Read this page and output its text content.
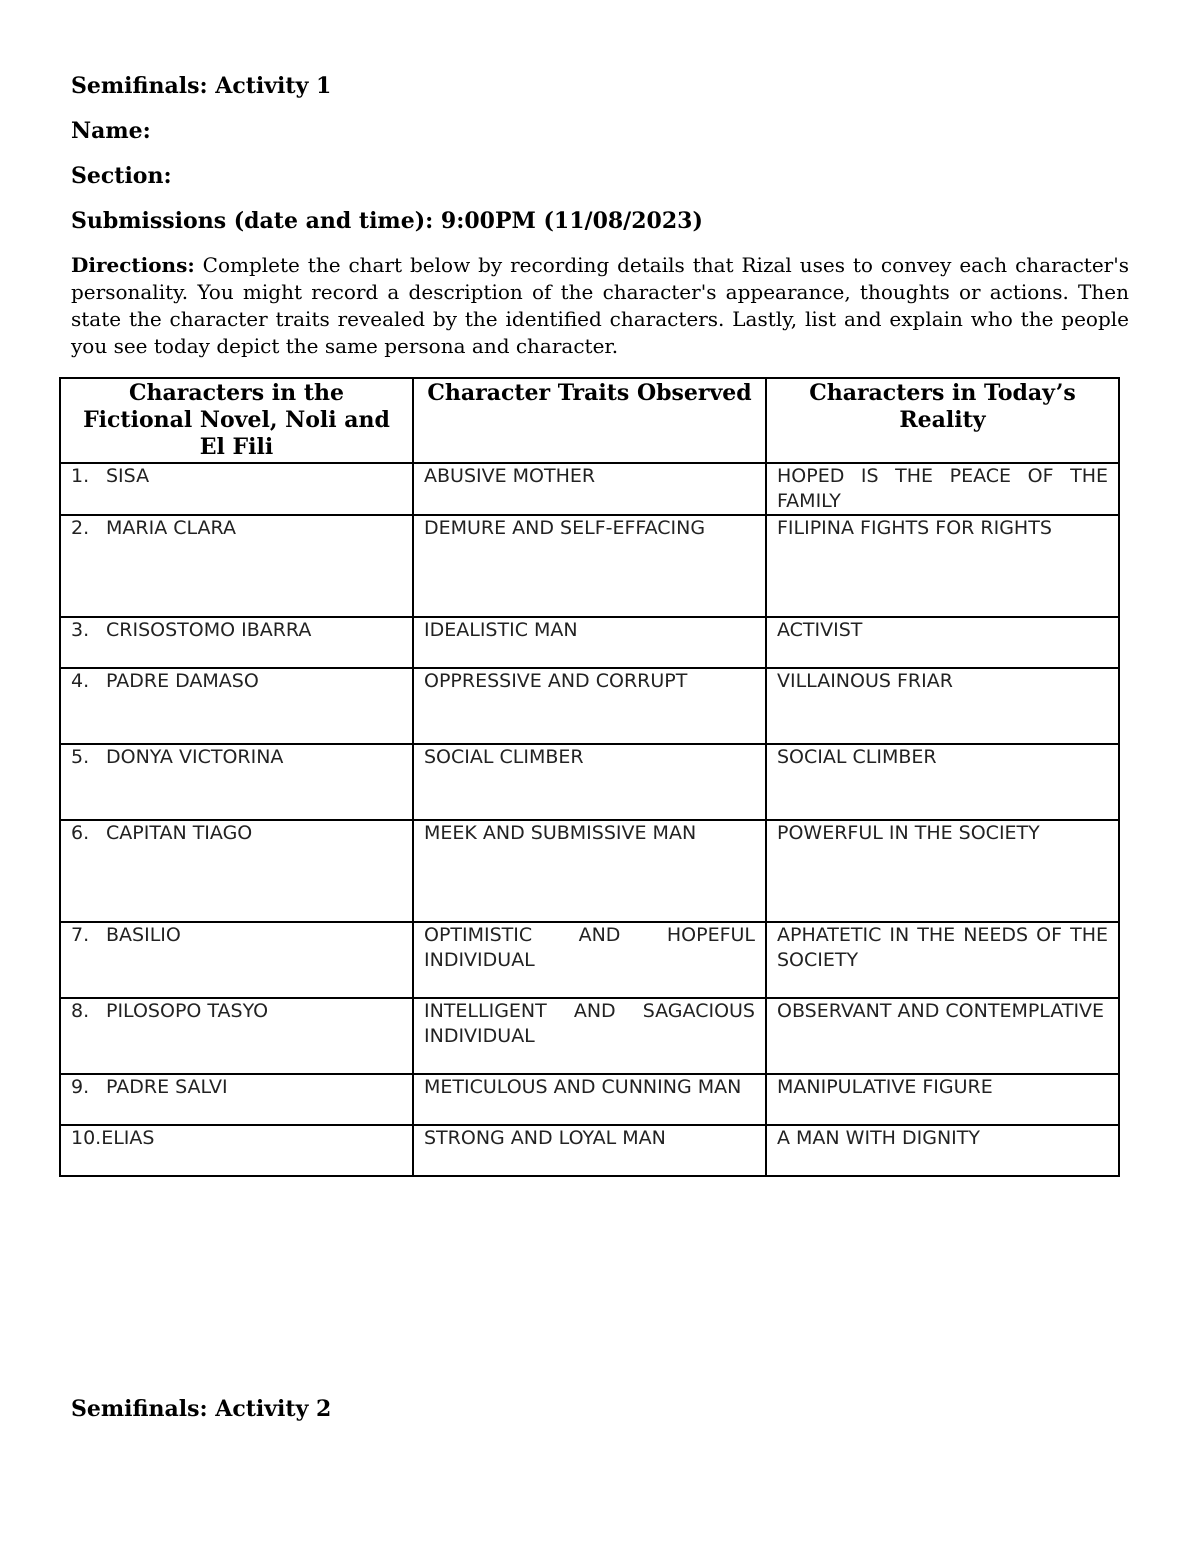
Semifinals: Activity 1
Name:
Section:
Submissions (date and time): 9:00PM (11/08/2023)
Directions: Complete the chart below by recording details that Rizal uses to convey each character's personality. You might record a description of the character's appearance, thoughts or actions. Then state the character traits revealed by the identified characters. Lastly, list and explain who the people you see today depict the same persona and character.
Characters in the Fictional Novel, Noli and El Fili	Character Traits Observed	Characters in Today’s Reality
1. SISA	ABUSIVE MOTHER	HOPED IS THE PEACE OF THE FAMILY
2. MARIA CLARA	DEMURE AND SELF-EFFACING	FILIPINA FIGHTS FOR RIGHTS
3. CRISOSTOMO IBARRA	IDEALISTIC MAN	ACTIVIST
4. PADRE DAMASO	OPPRESSIVE AND CORRUPT	VILLAINOUS FRIAR
5. DONYA VICTORINA	SOCIAL CLIMBER	SOCIAL CLIMBER
6. CAPITAN TIAGO	MEEK AND SUBMISSIVE MAN	POWERFUL IN THE SOCIETY
7. BASILIO	OPTIMISTIC AND HOPEFUL INDIVIDUAL	APHATETIC IN THE NEEDS OF THE SOCIETY
8. PILOSOPO TASYO	INTELLIGENT AND SAGACIOUS INDIVIDUAL	OBSERVANT AND CONTEMPLATIVE
9. PADRE SALVI	METICULOUS AND CUNNING MAN	MANIPULATIVE FIGURE
10.ELIAS	STRONG AND LOYAL MAN	A MAN WITH DIGNITY
Semifinals: Activity 2
